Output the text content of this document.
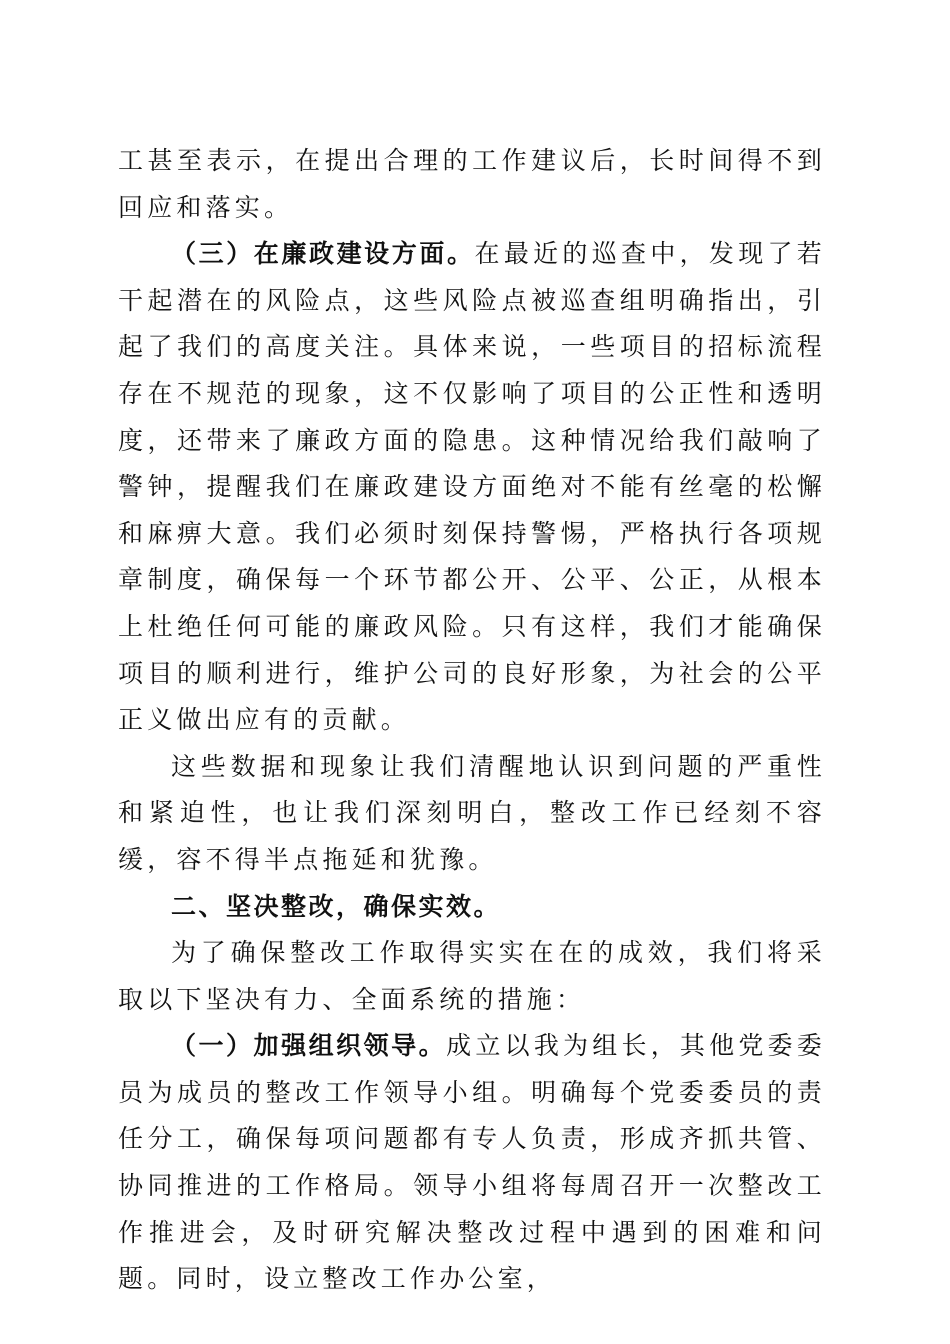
工甚至表示，在提出合理的工作建议后，长时间得不到回应和落实。

（三）在廉政建设方面。在最近的巡查中，发现了若干起潜在的风险点，这些风险点被巡查组明确指出，引起了我们的高度关注。具体来说，一些项目的招标流程存在不规范的现象，这不仅影响了项目的公正性和透明度，还带来了廉政方面的隐患。这种情况给我们敲响了警钟，提醒我们在廉政建设方面绝对不能有丝毫的松懈和麻痹大意。我们必须时刻保持警惕，严格执行各项规章制度，确保每一个环节都公开、公平、公正，从根本上杜绝任何可能的廉政风险。只有这样，我们才能确保项目的顺利进行，维护公司的良好形象，为社会的公平正义做出应有的贡献。

这些数据和现象让我们清醒地认识到问题的严重性和紧迫性，也让我们深刻明白，整改工作已经刻不容缓，容不得半点拖延和犹豫。

二、坚决整改，确保实效。

为了确保整改工作取得实实在在的成效，我们将采取以下坚决有力、全面系统的措施：

（一）加强组织领导。成立以我为组长，其他党委委员为成员的整改工作领导小组。明确每个党委委员的责任分工，确保每项问题都有专人负责，形成齐抓共管、协同推进的工作格局。领导小组将每周召开一次整改工作推进会，及时研究解决整改过程中遇到的困难和问题。同时，设立整改工作办公室，
